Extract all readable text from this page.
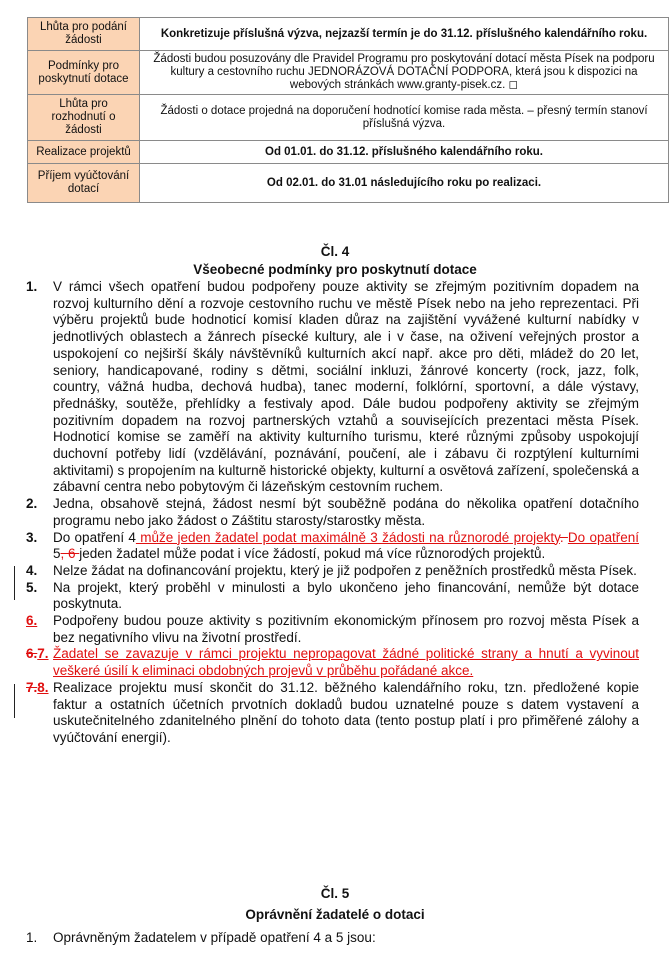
Lhůta pro podání žádosti	Konkretizuje příslušná výzva, nejzazší termín je do 31.12. příslušného kalendářního roku.
Podmínky pro poskytnutí dotace	Žádosti budou posuzovány dle Pravidel Programu pro poskytování dotací města Písek na podporu kultury a cestovního ruchu JEDNORÁZOVÁ DOTAČNÍ PODPORA, která jsou k dispozici na webových stránkách www.granty-pisek.cz. ◻
Lhůta pro rozhodnutí o žádosti	Žádosti o dotace projedná na doporučení hodnotící komise rada města. – přesný termín stanoví příslušná výzva.
Realizace projektů	Od 01.01. do 31.12. příslušného kalendářního roku.
Příjem vyúčtování dotací	Od 02.01. do 31.01 následujícího roku po realizaci.
Čl. 4
Všeobecné podmínky pro poskytnutí dotace
1. V rámci všech opatření budou podpořeny pouze aktivity se zřejmým pozitivním dopadem na rozvoj kulturního dění a rozvoje cestovního ruchu ve městě Písek nebo na jeho reprezentaci. Při výběru projektů bude hodnoticí komisí kladen důraz na zajištění vyvážené kulturní nabídky v jednotlivých oblastech a žánrech písecké kultury, ale i v čase, na oživení veřejných prostor a uspokojení co nejširší škály návštěvníků kulturních akcí např. akce pro děti, mládež do 20 let, seniory, handicapované, rodiny s dětmi, sociální inkluzi, žánrové koncerty (rock, jazz, folk, country, vážná hudba, dechová hudba), tanec moderní, folklórní, sportovní, a dále výstavy, přednášky, soutěže, přehlídky a festivaly apod. Dále budou podpořeny aktivity se zřejmým pozitivním dopadem na rozvoj partnerských vztahů a souvisejících prezentaci města Písek. Hodnoticí komise se zaměří na aktivity kulturního turismu, které různými způsoby uspokojují duchovní potřeby lidí (vzdělávání, poznávání, poučení, ale i zábavu či rozptýlení kulturními aktivitami) s propojením na kulturně historické objekty, kulturní a osvětová zařízení, společenská a zábavní centra nebo pobytovým či lázeňským cestovním ruchem.
2. Jedna, obsahově stejná, žádost nesmí být souběžně podána do několika opatření dotačního programu nebo jako žádost o Záštitu starosty/starostky města.
3. Do opatření 4 může jeden žadatel podat maximálně 3 žádosti na různorodé projekty. Do opatření 5, 6 jeden žadatel může podat i více žádostí, pokud má více různorodých projektů.
4. Nelze žádat na dofinancování projektu, který je již podpořen z peněžních prostředků města Písek.
5. Na projekt, který proběhl v minulosti a bylo ukončeno jeho financování, nemůže být dotace poskytnuta.
6. Podpořeny budou pouze aktivity s pozitivním ekonomickým přínosem pro rozvoj města Písek a bez negativního vlivu na životní prostředí.
6.7. Žadatel se zavazuje v rámci projektu nepropagovat žádné politické strany a hnutí a vyvinout veškeré úsilí k eliminaci obdobných projevů v průběhu pořádané akce.
7.8. Realizace projektu musí skončit do 31.12. běžného kalendářního roku, tzn. předložené kopie faktur a ostatních účetních prvotních dokladů budou uznatelné pouze s datem vystavení a uskutečnitelného zdanitelného plnění do tohoto data (tento postup platí i pro přiměřené zálohy a vyúčtování energií).
Čl. 5
Oprávnění žadatelé o dotaci
1. Oprávněným žadatelem v případě opatření 4 a 5 jsou:
